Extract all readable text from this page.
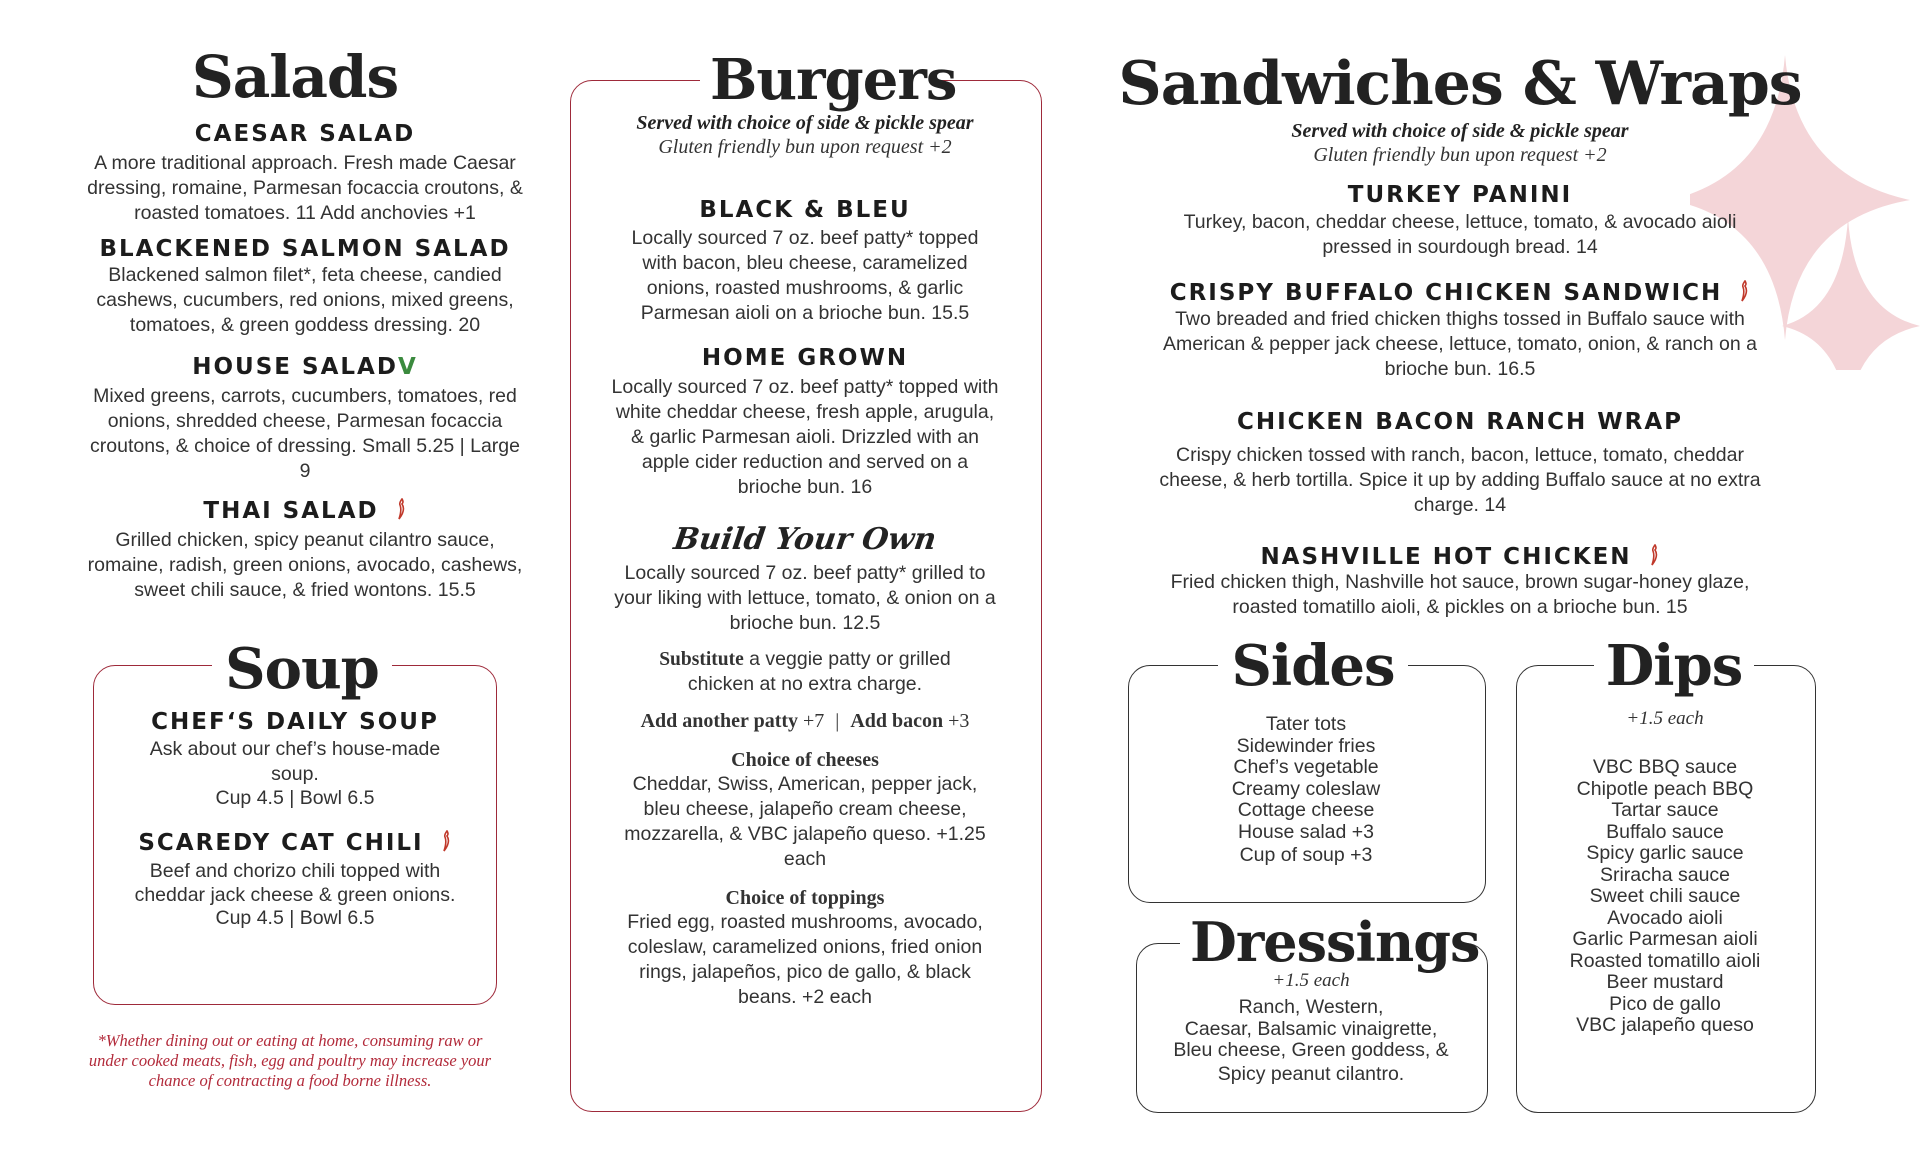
Salads
CAESAR SALAD
A more traditional approach. Fresh made Caesar dressing, romaine, Parmesan focaccia croutons, & roasted tomatoes. 11 Add anchovies +1
BLACKENED SALMON SALAD
Blackened salmon filet*, feta cheese, candied cashews, cucumbers, red onions, mixed greens, tomatoes, & green goddess dressing. 20
HOUSE SALADV
Mixed greens, carrots, cucumbers, tomatoes, red onions, shredded cheese, Parmesan focaccia croutons, & choice of dressing. Small 5.25 | Large 9
THAI SALAD
Grilled chicken, spicy peanut cilantro sauce, romaine, radish, green onions, avocado, cashews, sweet chili sauce, & fried wontons. 15.5
Soup
CHEF‘S DAILY SOUP
Ask about our chef’s house-made soup.
Cup 4.5 | Bowl 6.5
SCAREDY CAT CHILI
Beef and chorizo chili topped with cheddar jack cheese & green onions.
Cup 4.5 | Bowl 6.5
*Whether dining out or eating at home, consuming raw or under cooked meats, fish, egg and poultry may increase your chance of contracting a food borne illness.
Burgers
Served with choice of side & pickle spear
Gluten friendly bun upon request +2
BLACK & BLEU
Locally sourced 7 oz. beef patty* topped with bacon, bleu cheese, caramelized onions, roasted mushrooms, & garlic Parmesan aioli on a brioche bun. 15.5
HOME GROWN
Locally sourced 7 oz. beef patty* topped with white cheddar cheese, fresh apple, arugula, & garlic Parmesan aioli. Drizzled with an apple cider reduction and served on a brioche bun. 16
Build Your Own
Locally sourced 7 oz. beef patty* grilled to your liking with lettuce, tomato, & onion on a brioche bun. 12.5
Substitute a veggie patty or grilled chicken at no extra charge.
Add another patty +7 | Add bacon +3
Choice of cheeses
Cheddar, Swiss, American, pepper jack, bleu cheese, jalapeño cream cheese, mozzarella, & VBC jalapeño queso. +1.25 each
Choice of toppings
Fried egg, roasted mushrooms, avocado, coleslaw, caramelized onions, fried onion rings, jalapeños, pico de gallo, & black beans. +2 each
Sandwiches & Wraps
Served with choice of side & pickle spear
Gluten friendly bun upon request +2
TURKEY PANINI
Turkey, bacon, cheddar cheese, lettuce, tomato, & avocado aioli pressed in sourdough bread. 14
CRISPY BUFFALO CHICKEN SANDWICH
Two breaded and fried chicken thighs tossed in Buffalo sauce with American & pepper jack cheese, lettuce, tomato, onion, & ranch on a brioche bun. 16.5
CHICKEN BACON RANCH WRAP
Crispy chicken tossed with ranch, bacon, lettuce, tomato, cheddar cheese, & herb tortilla. Spice it up by adding Buffalo sauce at no extra charge. 14
NASHVILLE HOT CHICKEN
Fried chicken thigh, Nashville hot sauce, brown sugar-honey glaze, roasted tomatillo aioli, & pickles on a brioche bun. 15
Sides
Tater tots
Sidewinder fries
Chef’s vegetable
Creamy coleslaw
Cottage cheese
House salad +3
Cup of soup +3
Dressings
+1.5 each
Ranch, Western,
Caesar, Balsamic vinaigrette,
Bleu cheese, Green goddess, &
Spicy peanut cilantro.
Dips
+1.5 each
VBC BBQ sauce
Chipotle peach BBQ
Tartar sauce
Buffalo sauce
Spicy garlic sauce
Sriracha sauce
Sweet chili sauce
Avocado aioli
Garlic Parmesan aioli
Roasted tomatillo aioli
Beer mustard
Pico de gallo
VBC jalapeño queso
